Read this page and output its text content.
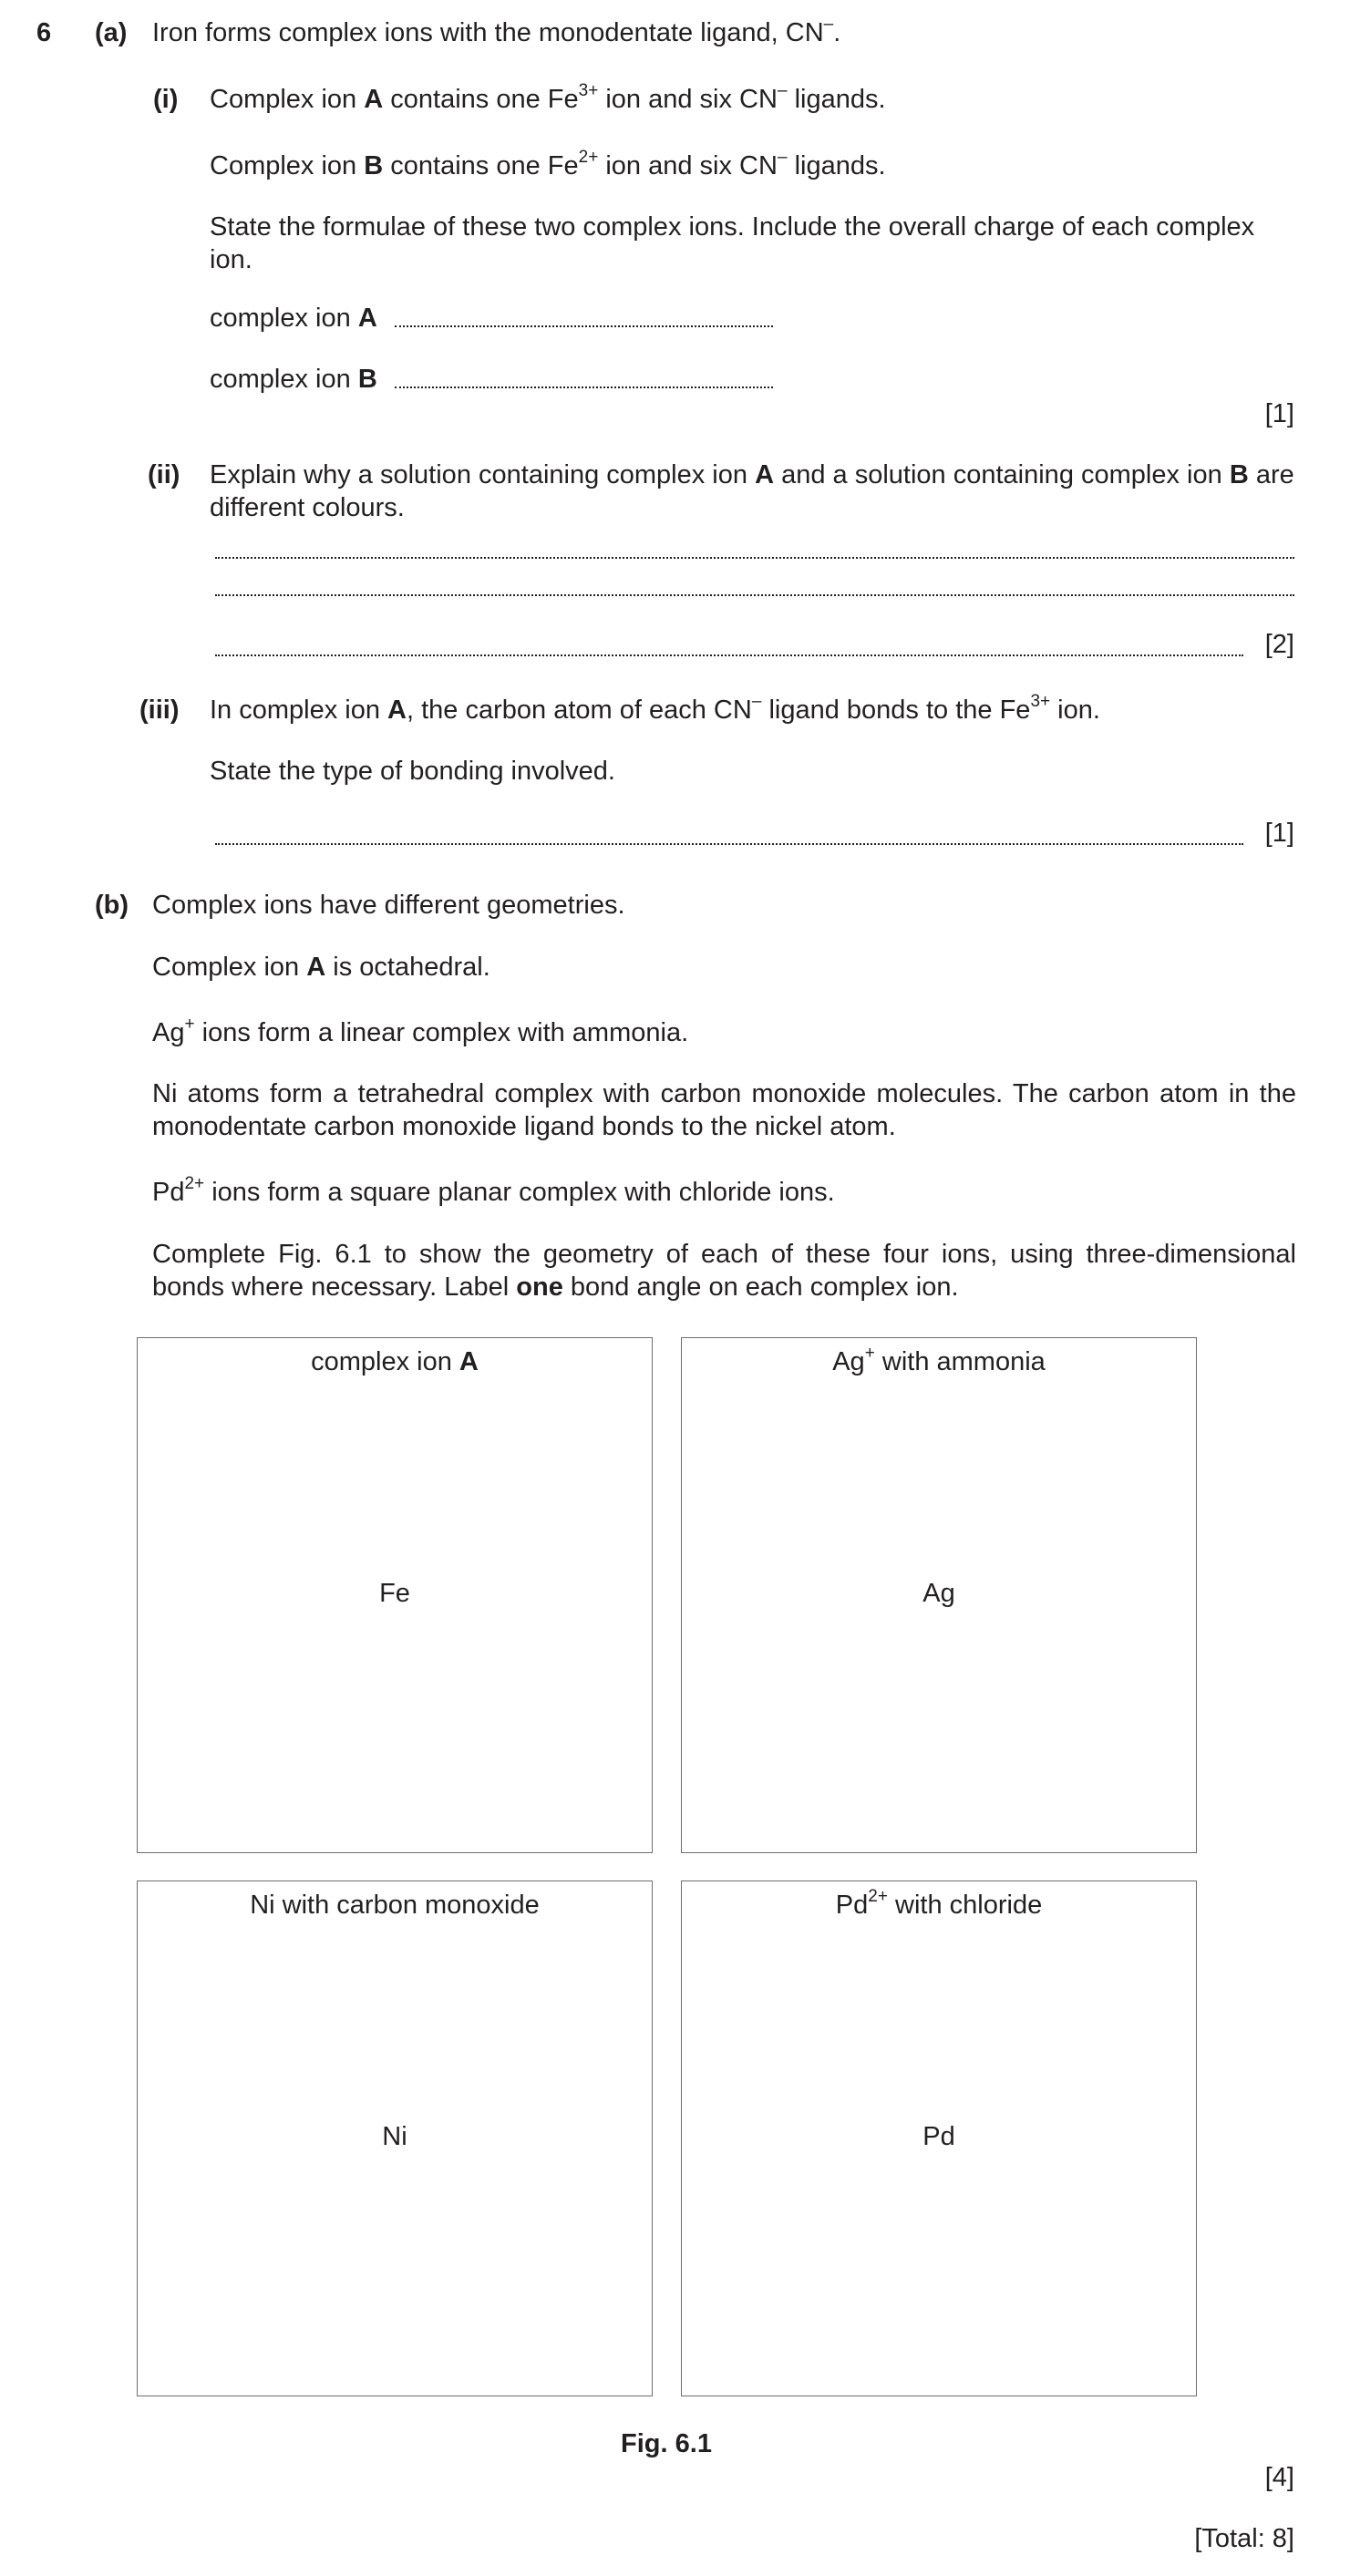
6 (a) Iron forms complex ions with the monodentate ligand, CN–.
(i) Complex ion A contains one $Fe^{3+}$ ion and six CN– ligands.
Complex ion B contains one $Fe^{2+}$ ion and six CN– ligands.
State the formulae of these two complex ions. Include the overall charge of each complex ion.
complex ion A
complex ion B
[1]
(ii) Explain why a solution containing complex ion A and a solution containing complex ion B are different colours.
[2]
(iii) In complex ion A, the carbon atom of each CN– ligand bonds to the $Fe^{3+}$ ion.
State the type of bonding involved.
[1]
(b) Complex ions have different geometries.
Complex ion A is octahedral.
Ag+ ions form a linear complex with ammonia.
Ni atoms form a tetrahedral complex with carbon monoxide molecules. The carbon atom in the monodentate carbon monoxide ligand bonds to the nickel atom.
$Pd^{2+}$ ions form a square planar complex with chloride ions.
Complete Fig. 6.1 to show the geometry of each of these four ions, using three-dimensional bonds where necessary. Label one bond angle on each complex ion.
complex ion A
Fe
Ag+ with ammonia
Ag
Ni with carbon monoxide
Ni
$Pd^{2+}$ with chloride
Pd
Fig. 6.1
[4]
[Total: 8]
